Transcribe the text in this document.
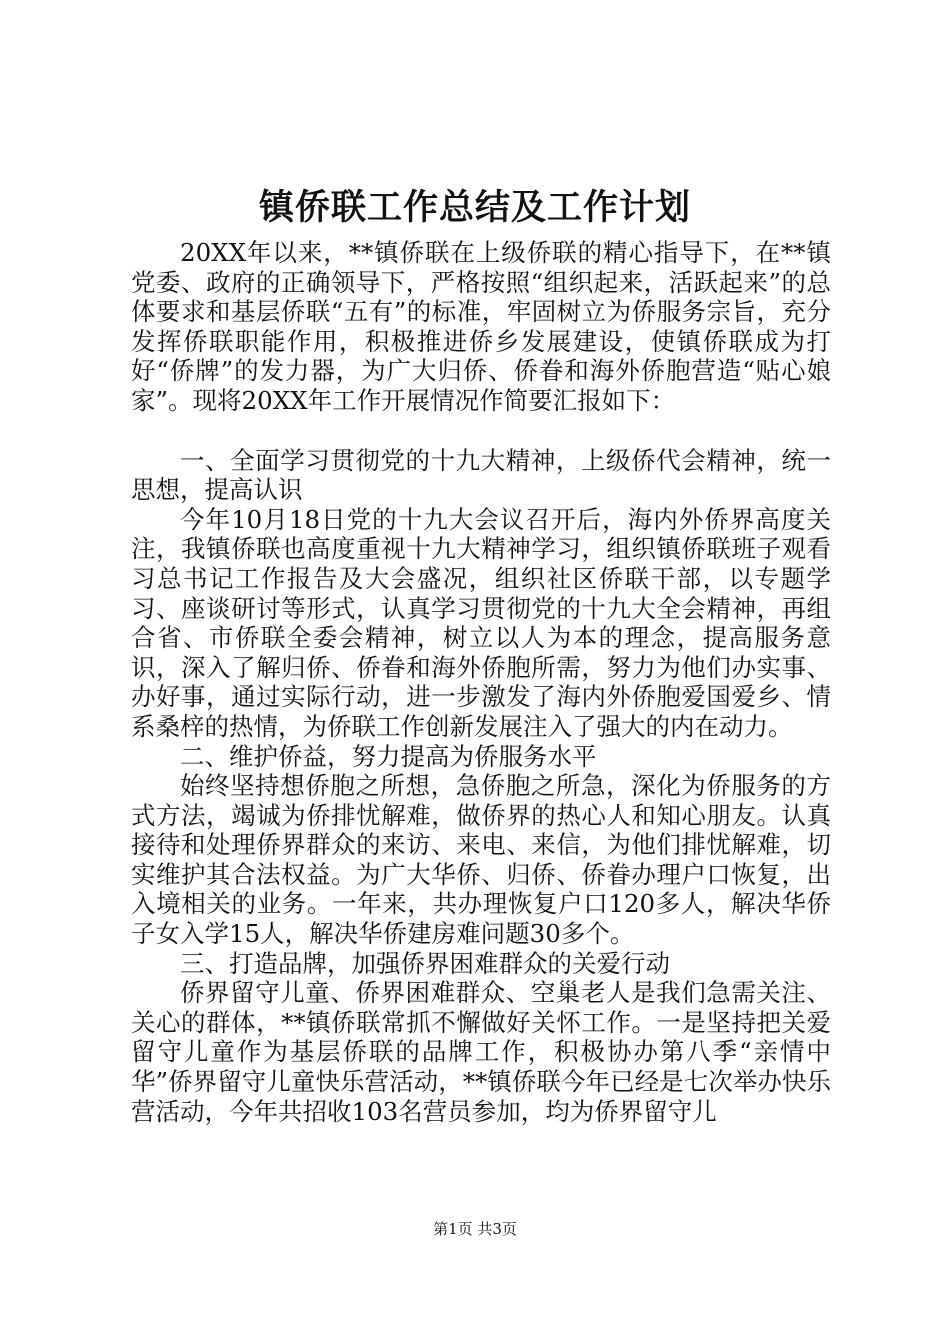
镇侨联工作总结及工作计划

20XX年以来，**镇侨联在上级侨联的精心指导下，在**镇党委、政府的正确领导下，严格按照“组织起来，活跃起来”的总体要求和基层侨联“五有”的标准，牢固树立为侨服务宗旨，充分发挥侨联职能作用，积极推进侨乡发展建设，使镇侨联成为打好“侨牌”的发力器，为广大归侨、侨眷和海外侨胞营造“贴心娘家”。现将20XX年工作开展情况作简要汇报如下：

一、全面学习贯彻党的十九大精神，上级侨代会精神，统一思想，提高认识

今年10月18日党的十九大会议召开后，海内外侨界高度关注，我镇侨联也高度重视十九大精神学习，组织镇侨联班子观看习总书记工作报告及大会盛况，组织社区侨联干部，以专题学习、座谈研讨等形式，认真学习贯彻党的十九大全会精神，再组合省、市侨联全委会精神，树立以人为本的理念，提高服务意识，深入了解归侨、侨眷和海外侨胞所需，努力为他们办实事、办好事，通过实际行动，进一步激发了海内外侨胞爱国爱乡、情系桑梓的热情，为侨联工作创新发展注入了强大的内在动力。

二、维护侨益，努力提高为侨服务水平

始终坚持想侨胞之所想，急侨胞之所急，深化为侨服务的方式方法，竭诚为侨排忧解难，做侨界的热心人和知心朋友。认真接待和处理侨界群众的来访、来电、来信，为他们排忧解难，切实维护其合法权益。为广大华侨、归侨、侨眷办理户口恢复，出入境相关的业务。一年来，共办理恢复户口120多人，解决华侨子女入学15人，解决华侨建房难问题30多个。

三、打造品牌，加强侨界困难群众的关爱行动

侨界留守儿童、侨界困难群众、空巢老人是我们急需关注、关心的群体，**镇侨联常抓不懈做好关怀工作。一是坚持把关爱留守儿童作为基层侨联的品牌工作，积极协办第八季“亲情中华”侨界留守儿童快乐营活动，**镇侨联今年已经是七次举办快乐营活动，今年共招收103名营员参加，均为侨界留守儿

第1页 共3页
